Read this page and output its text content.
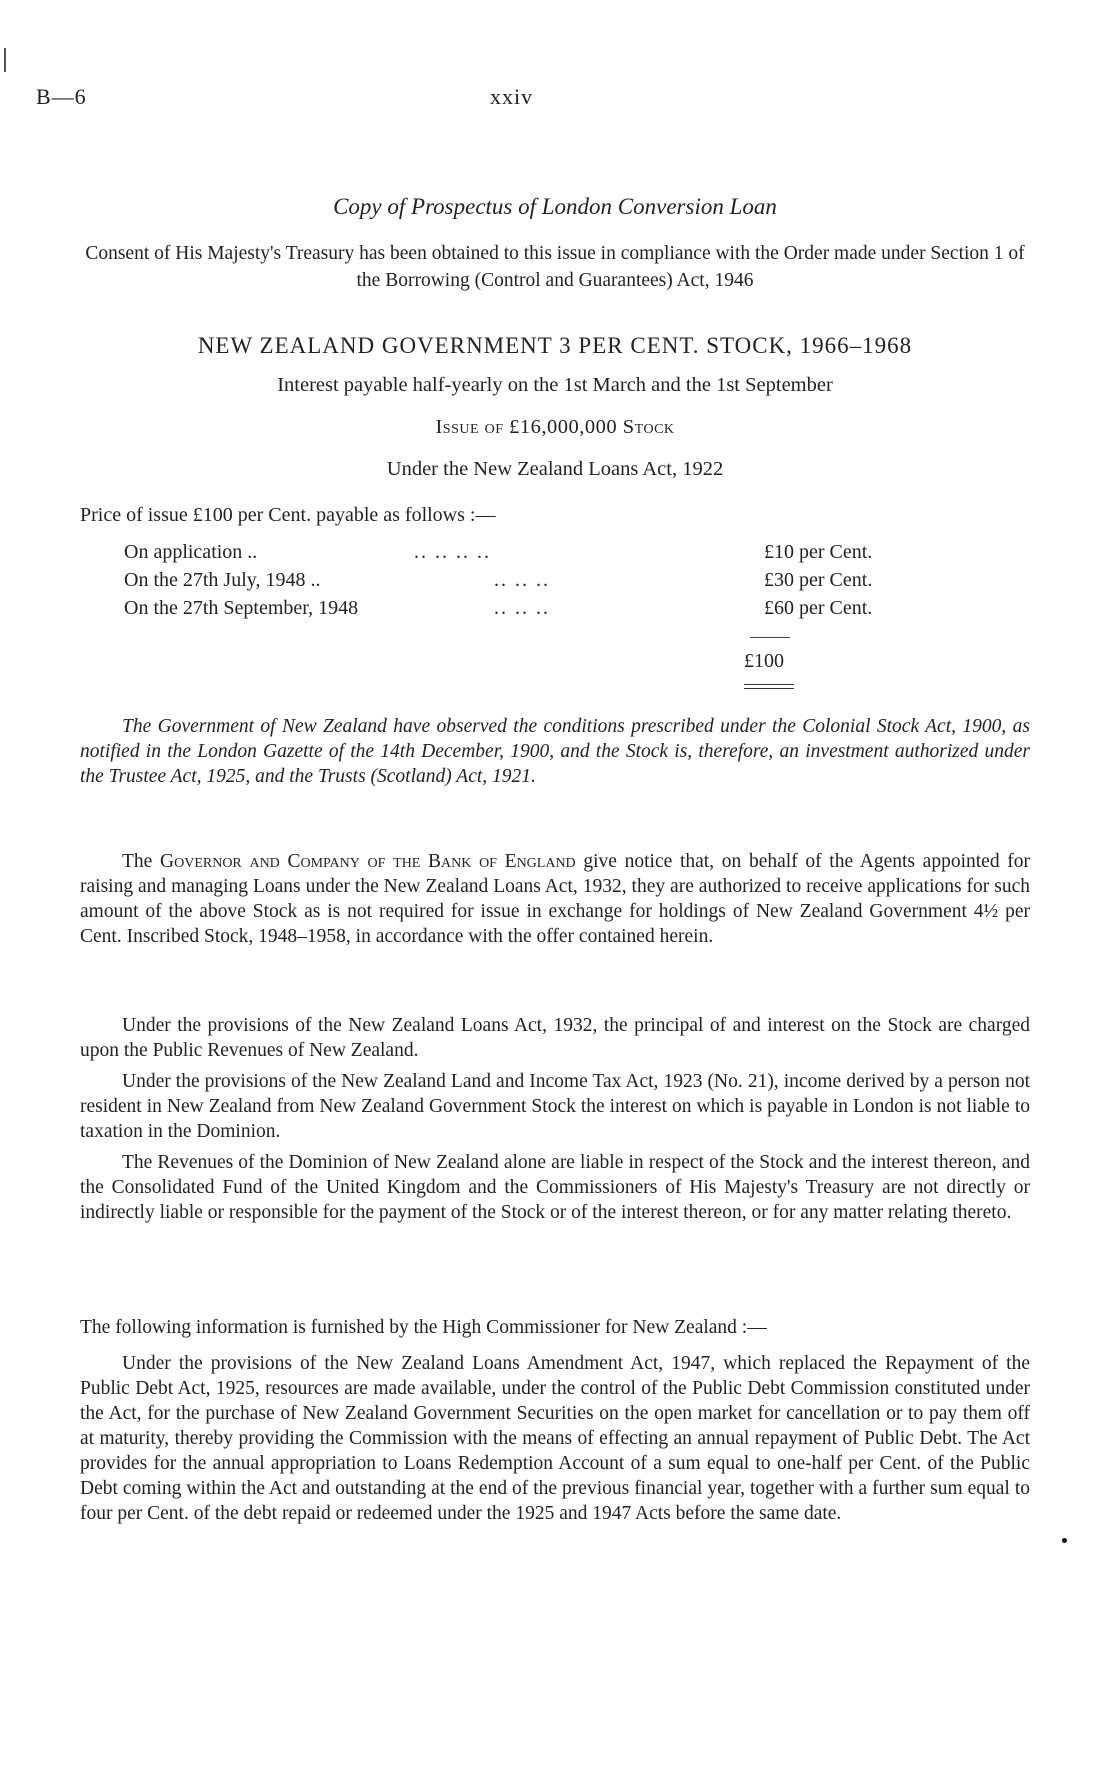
B—6	xxiv
Copy of Prospectus of London Conversion Loan
Consent of His Majesty's Treasury has been obtained to this issue in compliance with the Order made under Section 1 of the Borrowing (Control and Guarantees) Act, 1946
NEW ZEALAND GOVERNMENT 3 PER CENT. STOCK, 1966–1968
Interest payable half-yearly on the 1st March and the 1st September
Issue of £16,000,000 Stock
Under the New Zealand Loans Act, 1922
Price of issue £100 per Cent. payable as follows :—
On application ..	.. .. .. ..	£10 per Cent.
On the 27th July, 1948 ..	.. .. ..	£30 per Cent.
On the 27th September, 1948	.. .. ..	£60 per Cent.
£100
The Government of New Zealand have observed the conditions prescribed under the Colonial Stock Act, 1900, as notified in the London Gazette of the 14th December, 1900, and the Stock is, therefore, an investment authorized under the Trustee Act, 1925, and the Trusts (Scotland) Act, 1921.
The Governor and Company of the Bank of England give notice that, on behalf of the Agents appointed for raising and managing Loans under the New Zealand Loans Act, 1932, they are authorized to receive applications for such amount of the above Stock as is not required for issue in exchange for holdings of New Zealand Government 4½ per Cent. Inscribed Stock, 1948–1958, in accordance with the offer contained herein.
Under the provisions of the New Zealand Loans Act, 1932, the principal of and interest on the Stock are charged upon the Public Revenues of New Zealand.
Under the provisions of the New Zealand Land and Income Tax Act, 1923 (No. 21), income derived by a person not resident in New Zealand from New Zealand Government Stock the interest on which is payable in London is not liable to taxation in the Dominion.
The Revenues of the Dominion of New Zealand alone are liable in respect of the Stock and the interest thereon, and the Consolidated Fund of the United Kingdom and the Commissioners of His Majesty's Treasury are not directly or indirectly liable or responsible for the payment of the Stock or of the interest thereon, or for any matter relating thereto.
The following information is furnished by the High Commissioner for New Zealand :—
Under the provisions of the New Zealand Loans Amendment Act, 1947, which replaced the Repayment of the Public Debt Act, 1925, resources are made available, under the control of the Public Debt Commission constituted under the Act, for the purchase of New Zealand Government Securities on the open market for cancellation or to pay them off at maturity, thereby providing the Commission with the means of effecting an annual repayment of Public Debt. The Act provides for the annual appropriation to Loans Redemption Account of a sum equal to one-half per Cent. of the Public Debt coming within the Act and outstanding at the end of the previous financial year, together with a further sum equal to four per Cent. of the debt repaid or redeemed under the 1925 and 1947 Acts before the same date.
